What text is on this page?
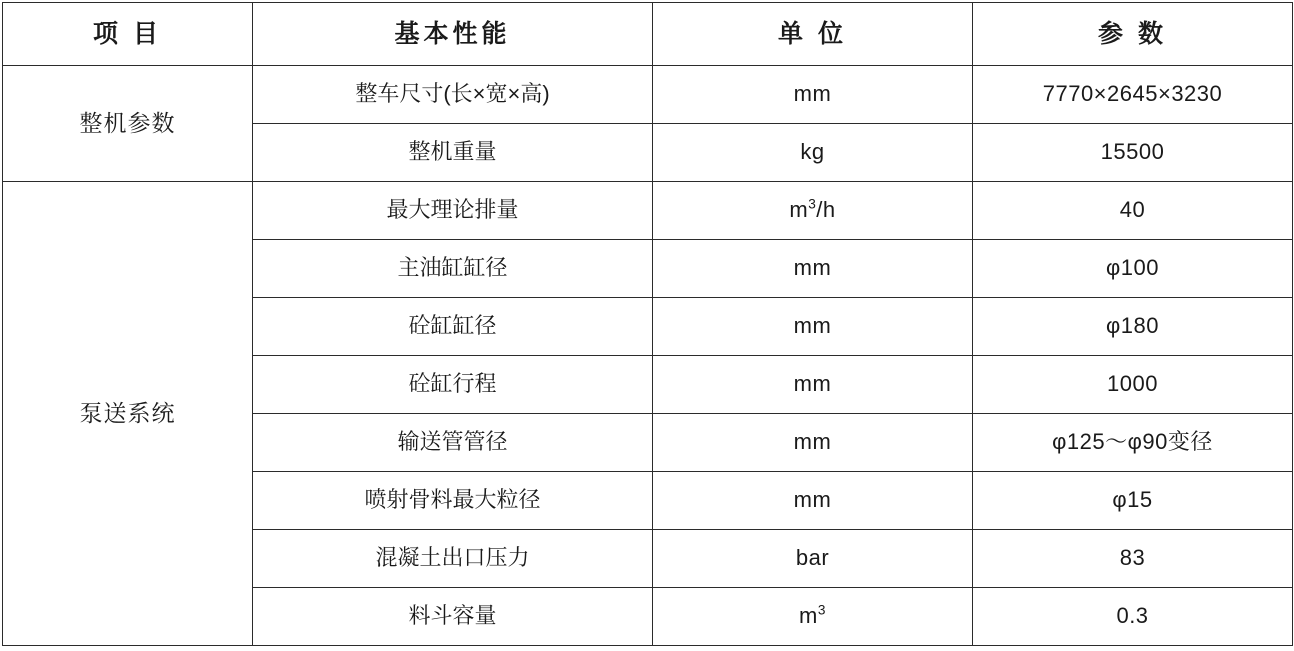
项 目	基本性能	单 位	参 数
整机参数	整车尺寸(长×宽×高)	mm	7770×2645×3230
	整机重量	kg	15500
泵送系统	最大理论排量	$m^3/h$	40
	主油缸缸径	mm	φ100
	砼缸缸径	mm	φ180
	砼缸行程	mm	1000
	输送管管径	mm	φ125～φ90变径
	喷射骨料最大粒径	mm	φ15
	混凝土出口压力	bar	83
	料斗容量	$m^3$	0.3
